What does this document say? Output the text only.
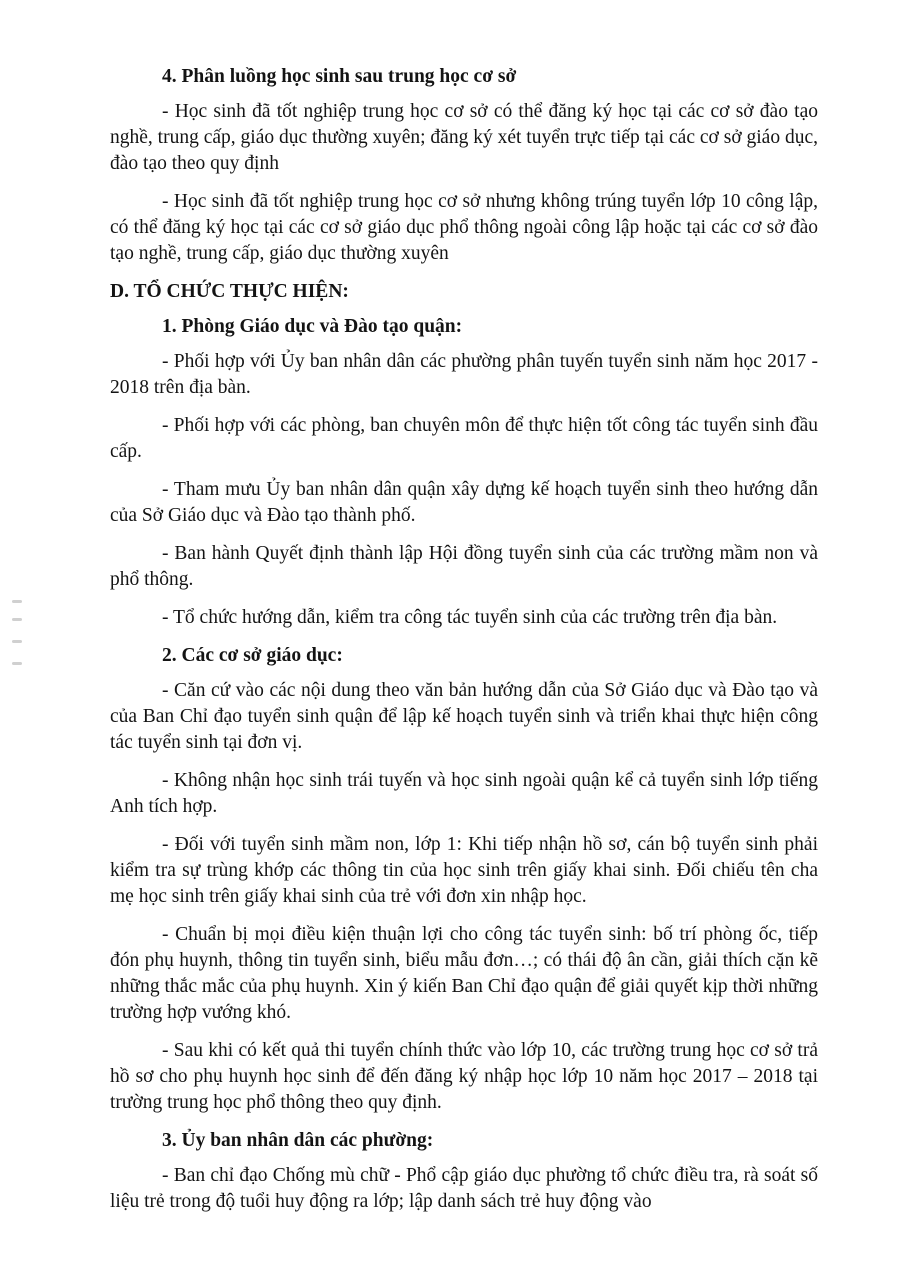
4. Phân luồng học sinh sau trung học cơ sở
- Học sinh đã tốt nghiệp trung học cơ sở có thể đăng ký học tại các cơ sở đào tạo nghề, trung cấp, giáo dục thường xuyên; đăng ký xét tuyển trực tiếp tại các cơ sở giáo dục, đào tạo theo quy định
- Học sinh đã tốt nghiệp trung học cơ sở nhưng không trúng tuyển lớp 10 công lập, có thể đăng ký học tại các cơ sở giáo dục phổ thông ngoài công lập hoặc tại các cơ sở đào tạo nghề, trung cấp, giáo dục thường xuyên
D. TỔ CHỨC THỰC HIỆN:
1. Phòng Giáo dục và Đào tạo quận:
- Phối hợp với Ủy ban nhân dân các phường phân tuyến tuyển sinh năm học 2017 - 2018 trên địa bàn.
- Phối hợp với các phòng, ban chuyên môn để thực hiện tốt công tác tuyển sinh đầu cấp.
- Tham mưu Ủy ban nhân dân quận xây dựng kế hoạch tuyển sinh theo hướng dẫn của Sở Giáo dục và Đào tạo thành phố.
- Ban hành Quyết định thành lập Hội đồng tuyển sinh của các trường mầm non và phổ thông.
- Tổ chức hướng dẫn, kiểm tra công tác tuyển sinh của các trường trên địa bàn.
2. Các cơ sở giáo dục:
- Căn cứ vào các nội dung theo văn bản hướng dẫn của Sở Giáo dục và Đào tạo và của Ban Chỉ đạo tuyển sinh quận để lập kế hoạch tuyển sinh và triển khai thực hiện công tác tuyển sinh tại đơn vị.
- Không nhận học sinh trái tuyến và học sinh ngoài quận kể cả tuyển sinh lớp tiếng Anh tích hợp.
- Đối với tuyển sinh mầm non, lớp 1: Khi tiếp nhận hồ sơ, cán bộ tuyển sinh phải kiểm tra sự trùng khớp các thông tin của học sinh trên giấy khai sinh. Đối chiếu tên cha mẹ học sinh trên giấy khai sinh của trẻ với đơn xin nhập học.
- Chuẩn bị mọi điều kiện thuận lợi cho công tác tuyển sinh: bố trí phòng ốc, tiếp đón phụ huynh, thông tin tuyển sinh, biểu mẫu đơn…; có thái độ ân cần, giải thích cặn kẽ những thắc mắc của phụ huynh. Xin ý kiến Ban Chỉ đạo quận để giải quyết kịp thời những trường hợp vướng khó.
- Sau khi có kết quả thi tuyển chính thức vào lớp 10, các trường trung học cơ sở trả hồ sơ cho phụ huynh học sinh để đến đăng ký nhập học lớp 10 năm học 2017 – 2018 tại trường trung học phổ thông theo quy định.
3. Ủy ban nhân dân các phường:
- Ban chỉ đạo Chống mù chữ - Phổ cập giáo dục phường tổ chức điều tra, rà soát số liệu trẻ trong độ tuổi huy động ra lớp; lập danh sách trẻ huy động vào
